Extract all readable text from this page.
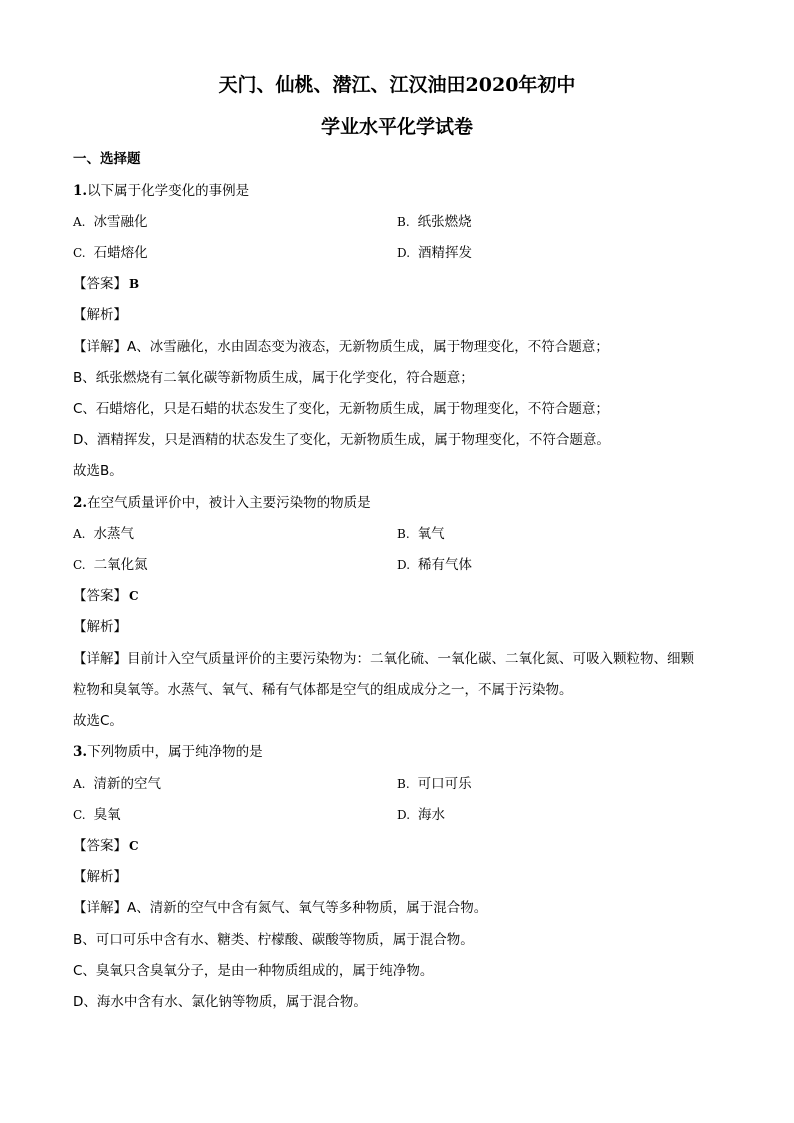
天门、仙桃、潜江、江汉油田2020年初中
学业水平化学试卷
一、选择题
1.以下属于化学变化的事例是
A. 冰雪融化	B. 纸张燃烧
C. 石蜡熔化	D. 酒精挥发
【答案】 B
【解析】
【详解】A、冰雪融化，水由固态变为液态，无新物质生成，属于物理变化，不符合题意；
B、纸张燃烧有二氧化碳等新物质生成，属于化学变化，符合题意；
C、石蜡熔化，只是石蜡的状态发生了变化，无新物质生成，属于物理变化，不符合题意；
D、酒精挥发，只是酒精的状态发生了变化，无新物质生成，属于物理变化，不符合题意。
故选B。
2.在空气质量评价中，被计入主要污染物的物质是
A. 水蒸气	B. 氧气
C. 二氧化氮	D. 稀有气体
【答案】 C
【解析】
【详解】目前计入空气质量评价的主要污染物为：二氧化硫、一氧化碳、二氧化氮、可吸入颗粒物、细颗
粒物和臭氧等。水蒸气、氧气、稀有气体都是空气的组成成分之一，不属于污染物。
故选C。
3.下列物质中，属于纯净物的是
A. 清新的空气	B. 可口可乐
C. 臭氧	D. 海水
【答案】 C
【解析】
【详解】A、清新的空气中含有氮气、氧气等多种物质，属于混合物。
B、可口可乐中含有水、糖类、柠檬酸、碳酸等物质，属于混合物。
C、臭氧只含臭氧分子，是由一种物质组成的，属于纯净物。
D、海水中含有水、氯化钠等物质，属于混合物。
